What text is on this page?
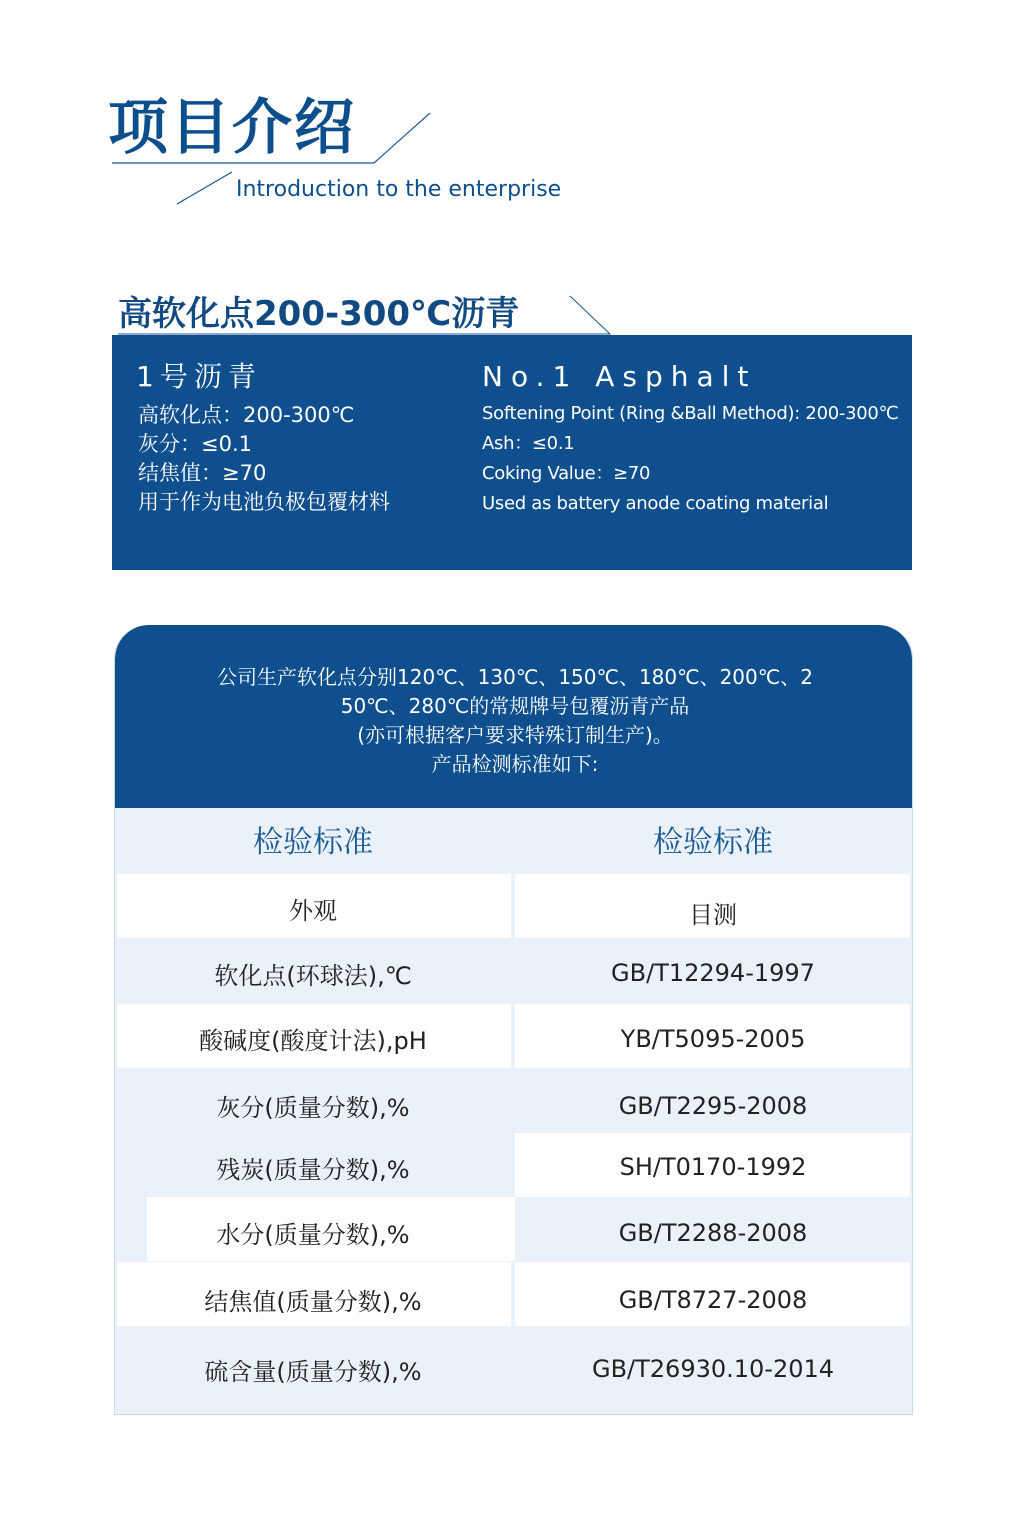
项目介绍
Introduction to the enterprise
高软化点200-300℃沥青
1号沥青	No.1 Asphalt
高软化点：200-300℃
灰分：≤0.1
结焦值：≥70
用于作为电池负极包覆材料
Softening Point (Ring &Ball Method): 200-300℃
Ash：≤0.1
Coking Value：≥70
Used as battery anode coating material
公司生产软化点分别120℃、130℃、150℃、180℃、200℃、2
50℃、280℃的常规牌号包覆沥青产品
(亦可根据客户要求特殊订制生产)。
产品检测标准如下:
检验标准	检验标准
外观	目测
软化点(环球法),℃	GB/T12294-1997
酸碱度(酸度计法),pH	YB/T5095-2005
灰分(质量分数),%	GB/T2295-2008
残炭(质量分数),%	SH/T0170-1992
水分(质量分数),%	GB/T2288-2008
结焦值(质量分数),%	GB/T8727-2008
硫含量(质量分数),%	GB/T26930.10-2014
